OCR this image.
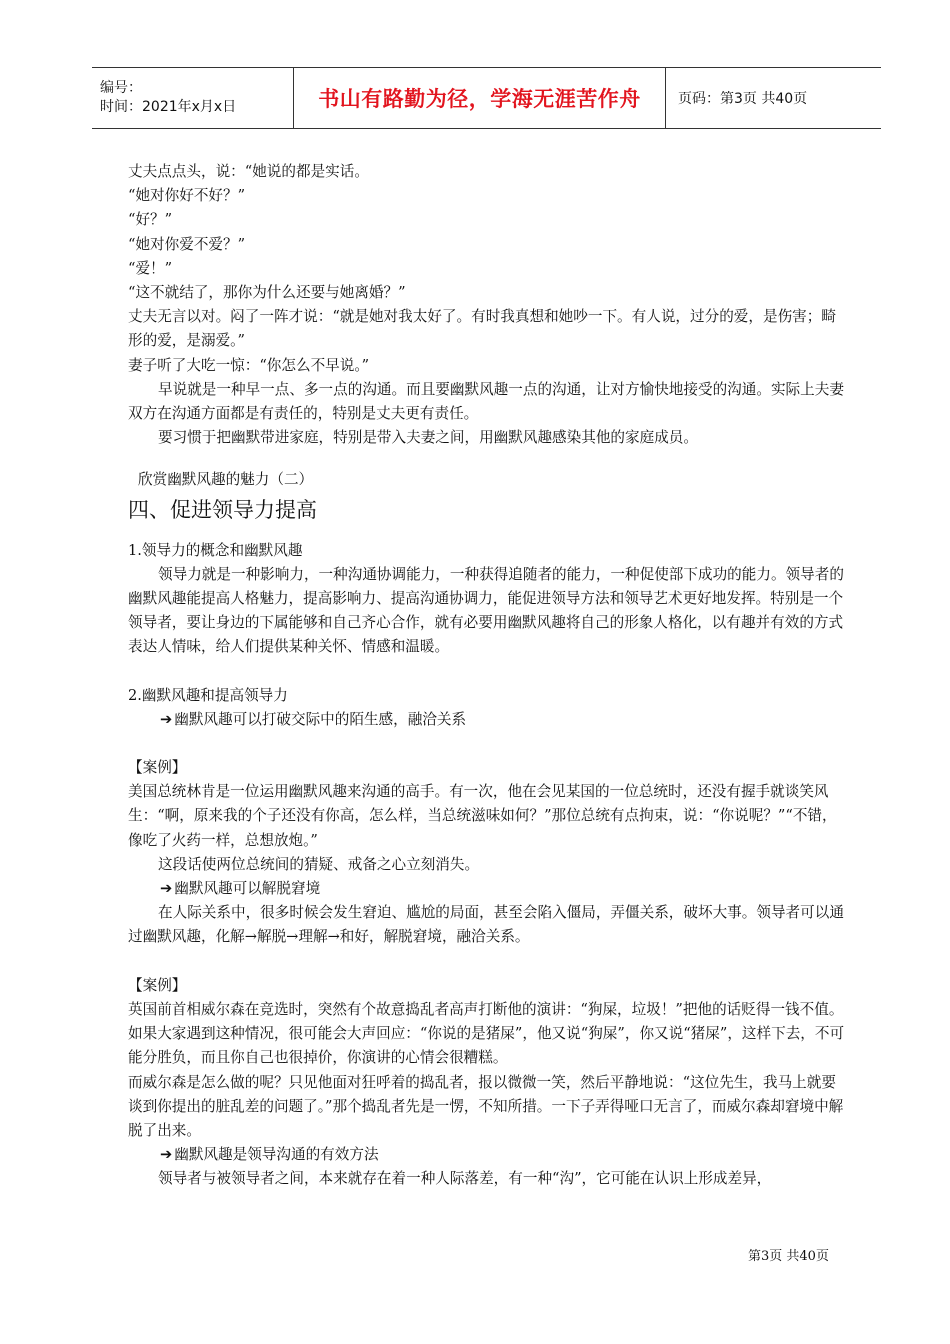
编号：
时间：2021年x月x日	书山有路勤为径，学海无涯苦作舟	页码：第3页 共40页

丈夫点点头，说：“她说的都是实话。

“她对你好不好？”

“好？”

“她对你爱不爱？”

“爱！”

“这不就结了，那你为什么还要与她离婚？”

丈夫无言以对。闷了一阵才说：“就是她对我太好了。有时我真想和她吵一下。有人说，过分的爱，是伤害；畸形的爱，是溺爱。”

妻子听了大吃一惊：“你怎么不早说。”

早说就是一种早一点、多一点的沟通。而且要幽默风趣一点的沟通，让对方愉快地接受的沟通。实际上夫妻双方在沟通方面都是有责任的，特别是丈夫更有责任。

要习惯于把幽默带进家庭，特别是带入夫妻之间，用幽默风趣感染其他的家庭成员。

欣赏幽默风趣的魅力（二）

四、促进领导力提高

1.领导力的概念和幽默风趣

领导力就是一种影响力，一种沟通协调能力，一种获得追随者的能力，一种促使部下成功的能力。领导者的幽默风趣能提高人格魅力，提高影响力、提高沟通协调力，能促进领导方法和领导艺术更好地发挥。特别是一个领导者，要让身边的下属能够和自己齐心合作，就有必要用幽默风趣将自己的形象人格化，以有趣并有效的方式表达人情味，给人们提供某种关怀、情感和温暖。

2.幽默风趣和提高领导力

➔ 幽默风趣可以打破交际中的陌生感，融洽关系

【案例】

美国总统林肯是一位运用幽默风趣来沟通的高手。有一次，他在会见某国的一位总统时，还没有握手就谈笑风生：“啊，原来我的个子还没有你高，怎么样，当总统滋味如何？”那位总统有点拘束，说：“你说呢？”“不错，像吃了火药一样，总想放炮。”

这段话使两位总统间的猜疑、戒备之心立刻消失。

➔ 幽默风趣可以解脱窘境

在人际关系中，很多时候会发生窘迫、尴尬的局面，甚至会陷入僵局，弄僵关系，破坏大事。领导者可以通过幽默风趣，化解→解脱→理解→和好，解脱窘境，融洽关系。

【案例】

英国前首相威尔森在竞选时，突然有个故意捣乱者高声打断他的演讲：“狗屎，垃圾！”把他的话贬得一钱不值。如果大家遇到这种情况，很可能会大声回应：“你说的是猪屎”，他又说“狗屎”，你又说“猪屎”，这样下去，不可能分胜负，而且你自己也很掉价，你演讲的心情会很糟糕。

而威尔森是怎么做的呢？只见他面对狂呼着的捣乱者，报以微微一笑，然后平静地说：“这位先生，我马上就要谈到你提出的脏乱差的问题了。”那个捣乱者先是一愣，不知所措。一下子弄得哑口无言了，而威尔森却窘境中解脱了出来。

➔ 幽默风趣是领导沟通的有效方法

领导者与被领导者之间，本来就存在着一种人际落差，有一种“沟”，它可能在认识上形成差异，

第3页 共40页
